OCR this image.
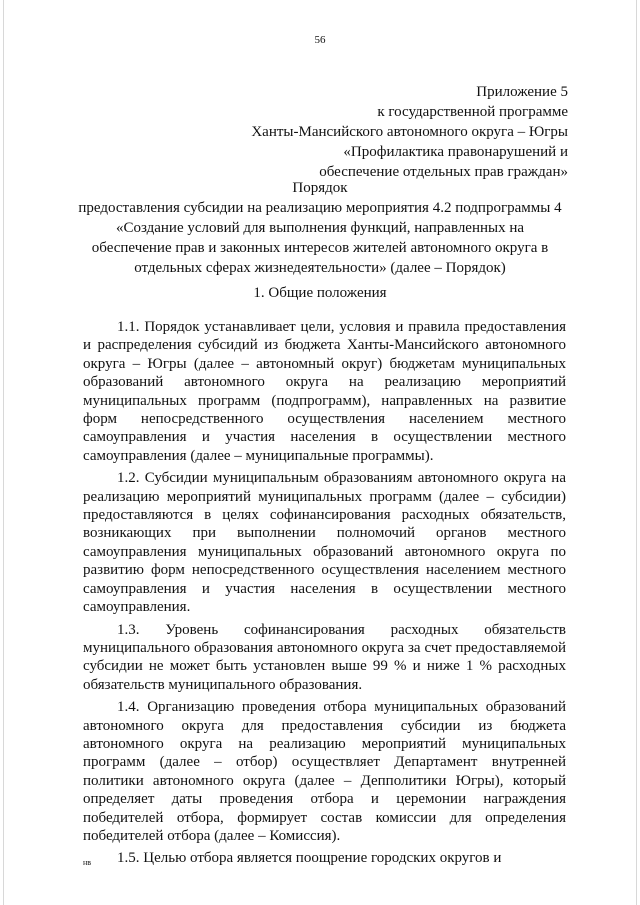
56
Приложение 5
к государственной программе
Ханты-Мансийского автономного округа – Югры
«Профилактика правонарушений и
обеспечение отдельных прав граждан»
Порядок
предоставления субсидии на реализацию мероприятия 4.2 подпрограммы 4
«Создание условий для выполнения функций, направленных на
обеспечение прав и законных интересов жителей автономного округа в
отдельных сферах жизнедеятельности» (далее – Порядок)
1. Общие положения

1.1. Порядок устанавливает цели, условия и правила предоставления и распределения субсидий из бюджета Ханты-Мансийского автономного округа – Югры (далее – автономный округ) бюджетам муниципальных образований автономного округа на реализацию мероприятий муниципальных программ (подпрограмм), направленных на развитие форм непосредственного осуществления населением местного самоуправления и участия населения в осуществлении местного самоуправления (далее – муниципальные программы).

1.2. Субсидии муниципальным образованиям автономного округа на реализацию мероприятий муниципальных программ (далее – субсидии) предоставляются в целях софинансирования расходных обязательств, возникающих при выполнении полномочий органов местного самоуправления муниципальных образований автономного округа по развитию форм непосредственного осуществления населением местного самоуправления и участия населения в осуществлении местного самоуправления.

1.3. Уровень софинансирования расходных обязательств муниципального образования автономного округа за счет предоставляемой субсидии не может быть установлен выше 99 % и ниже 1 % расходных обязательств муниципального образования.

1.4. Организацию проведения отбора муниципальных образований автономного округа для предоставления субсидии из бюджета автономного округа на реализацию мероприятий муниципальных программ (далее – отбор) осуществляет Департамент внутренней политики автономного округа (далее – Депполитики Югры), который определяет даты проведения отбора и церемонии награждения победителей отбора, формирует состав комиссии для определения победителей отбора (далее – Комиссия).

1.5. Целью отбора является поощрение городских округов и

нв
